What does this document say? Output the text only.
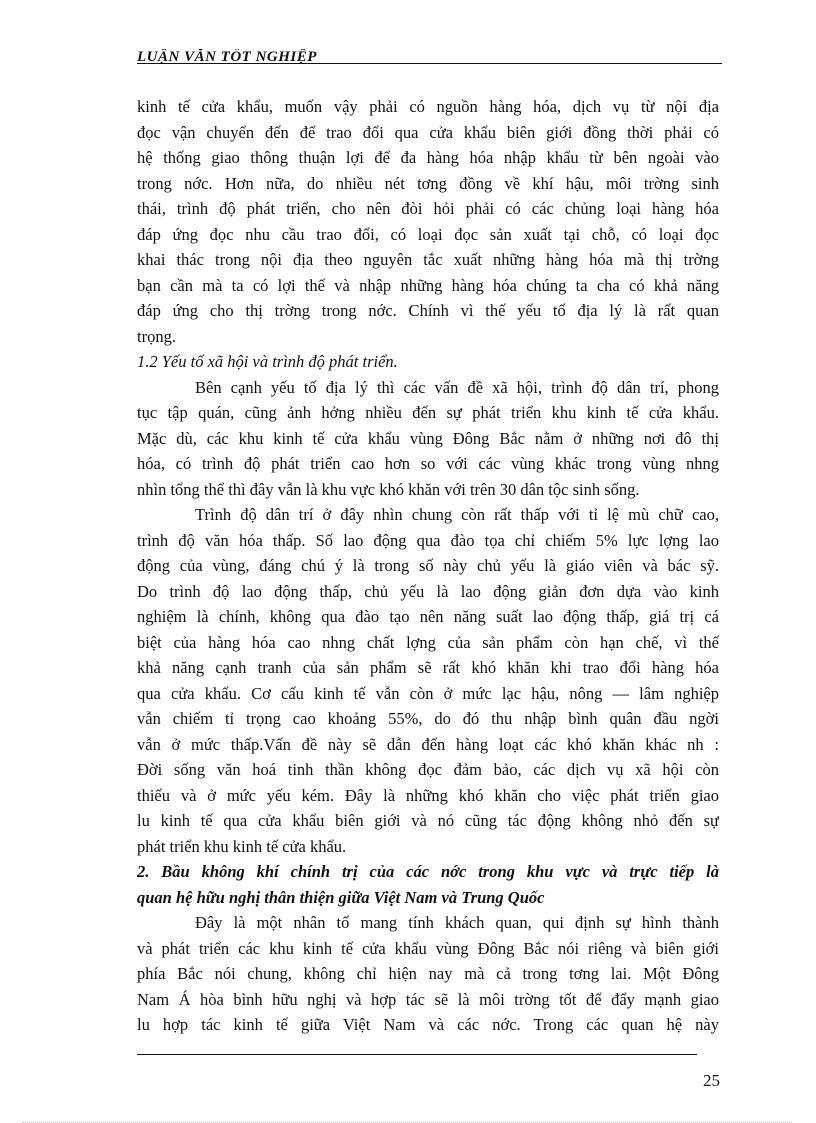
LUẬN VĂN TỐT NGHIỆP
kinh tế cửa khẩu, muốn vậy phải có nguồn hàng hóa, dịch vụ từ nội địa
đọc vận chuyển đến để trao đổi qua cửa khẩu biên giới đồng thời phải có
hệ thống giao thông thuận lợi để đa hàng hóa nhập khẩu từ bên ngoài vào
trong nớc. Hơn nữa, do nhiều nét tơng đồng về khí hậu, môi trờng sinh
thái, trình độ phát triển, cho nên đòi hỏi phải có các chủng loại hàng hóa
đáp ứng đọc nhu cầu trao đổi, có loại đọc sản xuất tại chỗ, có loại đọc
khai thác trong nội địa theo nguyên tắc xuất những hàng hóa mà thị trờng
bạn cần mà ta có lợi thế và nhập những hàng hóa chúng ta cha có khả năng
đáp ứng cho thị trờng trong nớc. Chính vì thế yếu tố địa lý là rất quan
trọng.
1.2 Yếu tố xã hội và trình độ phát triển.
Bên cạnh yếu tố địa lý thì các vấn đề xã hội, trình độ dân trí, phong
tục tập quán, cũng ảnh hởng nhiều đến sự phát triển khu kinh tế cửa khẩu.
Mặc dù, các khu kinh tế cửa khẩu vùng Đông Bắc nằm ở những nơi đô thị
hóa, có trình độ phát triển cao hơn so với các vùng khác trong vùng nhng
nhìn tổng thể thì đây vẫn là khu vực khó khăn với trên 30 dân tộc sinh sống.
Trình độ dân trí ở đây nhìn chung còn rất thấp với tỉ lệ mù chữ cao,
trình độ văn hóa thấp. Số lao động qua đào tọa chỉ chiếm 5% lực lợng lao
động của vùng, đáng chú ý là trong số này chủ yếu là giáo viên và bác sỹ.
Do trình độ lao động thấp, chủ yếu là lao động giản đơn dựa vào kinh
nghiệm là chính, không qua đào tạo nên năng suất lao động thấp, giá trị cá
biệt của hàng hóa cao nhng chất lợng của sản phẩm còn hạn chế, vì thế
khả năng cạnh tranh của sản phẩm sẽ rất khó khăn khi trao đổi hàng hóa
qua cửa khẩu. Cơ cấu kinh tế vẫn còn ở mức lạc hậu, nông — lâm nghiệp
vẫn chiếm tỉ trọng cao khoảng 55%, do đó thu nhập bình quân đầu ngời
vẫn ở mức thấp.Vấn đề này sẽ dẫn đến hàng loạt các khó khăn khác nh :
Đời sống văn hoá tinh thần không đọc đảm bảo, các dịch vụ xã hội còn
thiếu và ở mức yếu kém. Đây là những khó khăn cho việc phát triển giao
lu kinh tế qua cửa khẩu biên giới và nó cũng tác động không nhỏ đến sự
phát triển khu kinh tế cửa khẩu.
2. Bầu không khí chính trị của các nớc trong khu vực và trực tiếp là
quan hệ hữu nghị thân thiện giữa Việt Nam và Trung Quốc
Đây là một nhân tố mang tính khách quan, qui định sự hình thành
và phát triển các khu kinh tế cửa khẩu vùng Đông Bắc nói riêng và biên giới
phía Bắc nói chung, không chỉ hiện nay mà cả trong tơng lai. Một Đông
Nam Á hòa bình hữu nghị và hợp tác sẽ là môi trờng tốt để đẩy mạnh giao
lu hợp tác kinh tế giữa Việt Nam và các nớc. Trong các quan hệ này
25
